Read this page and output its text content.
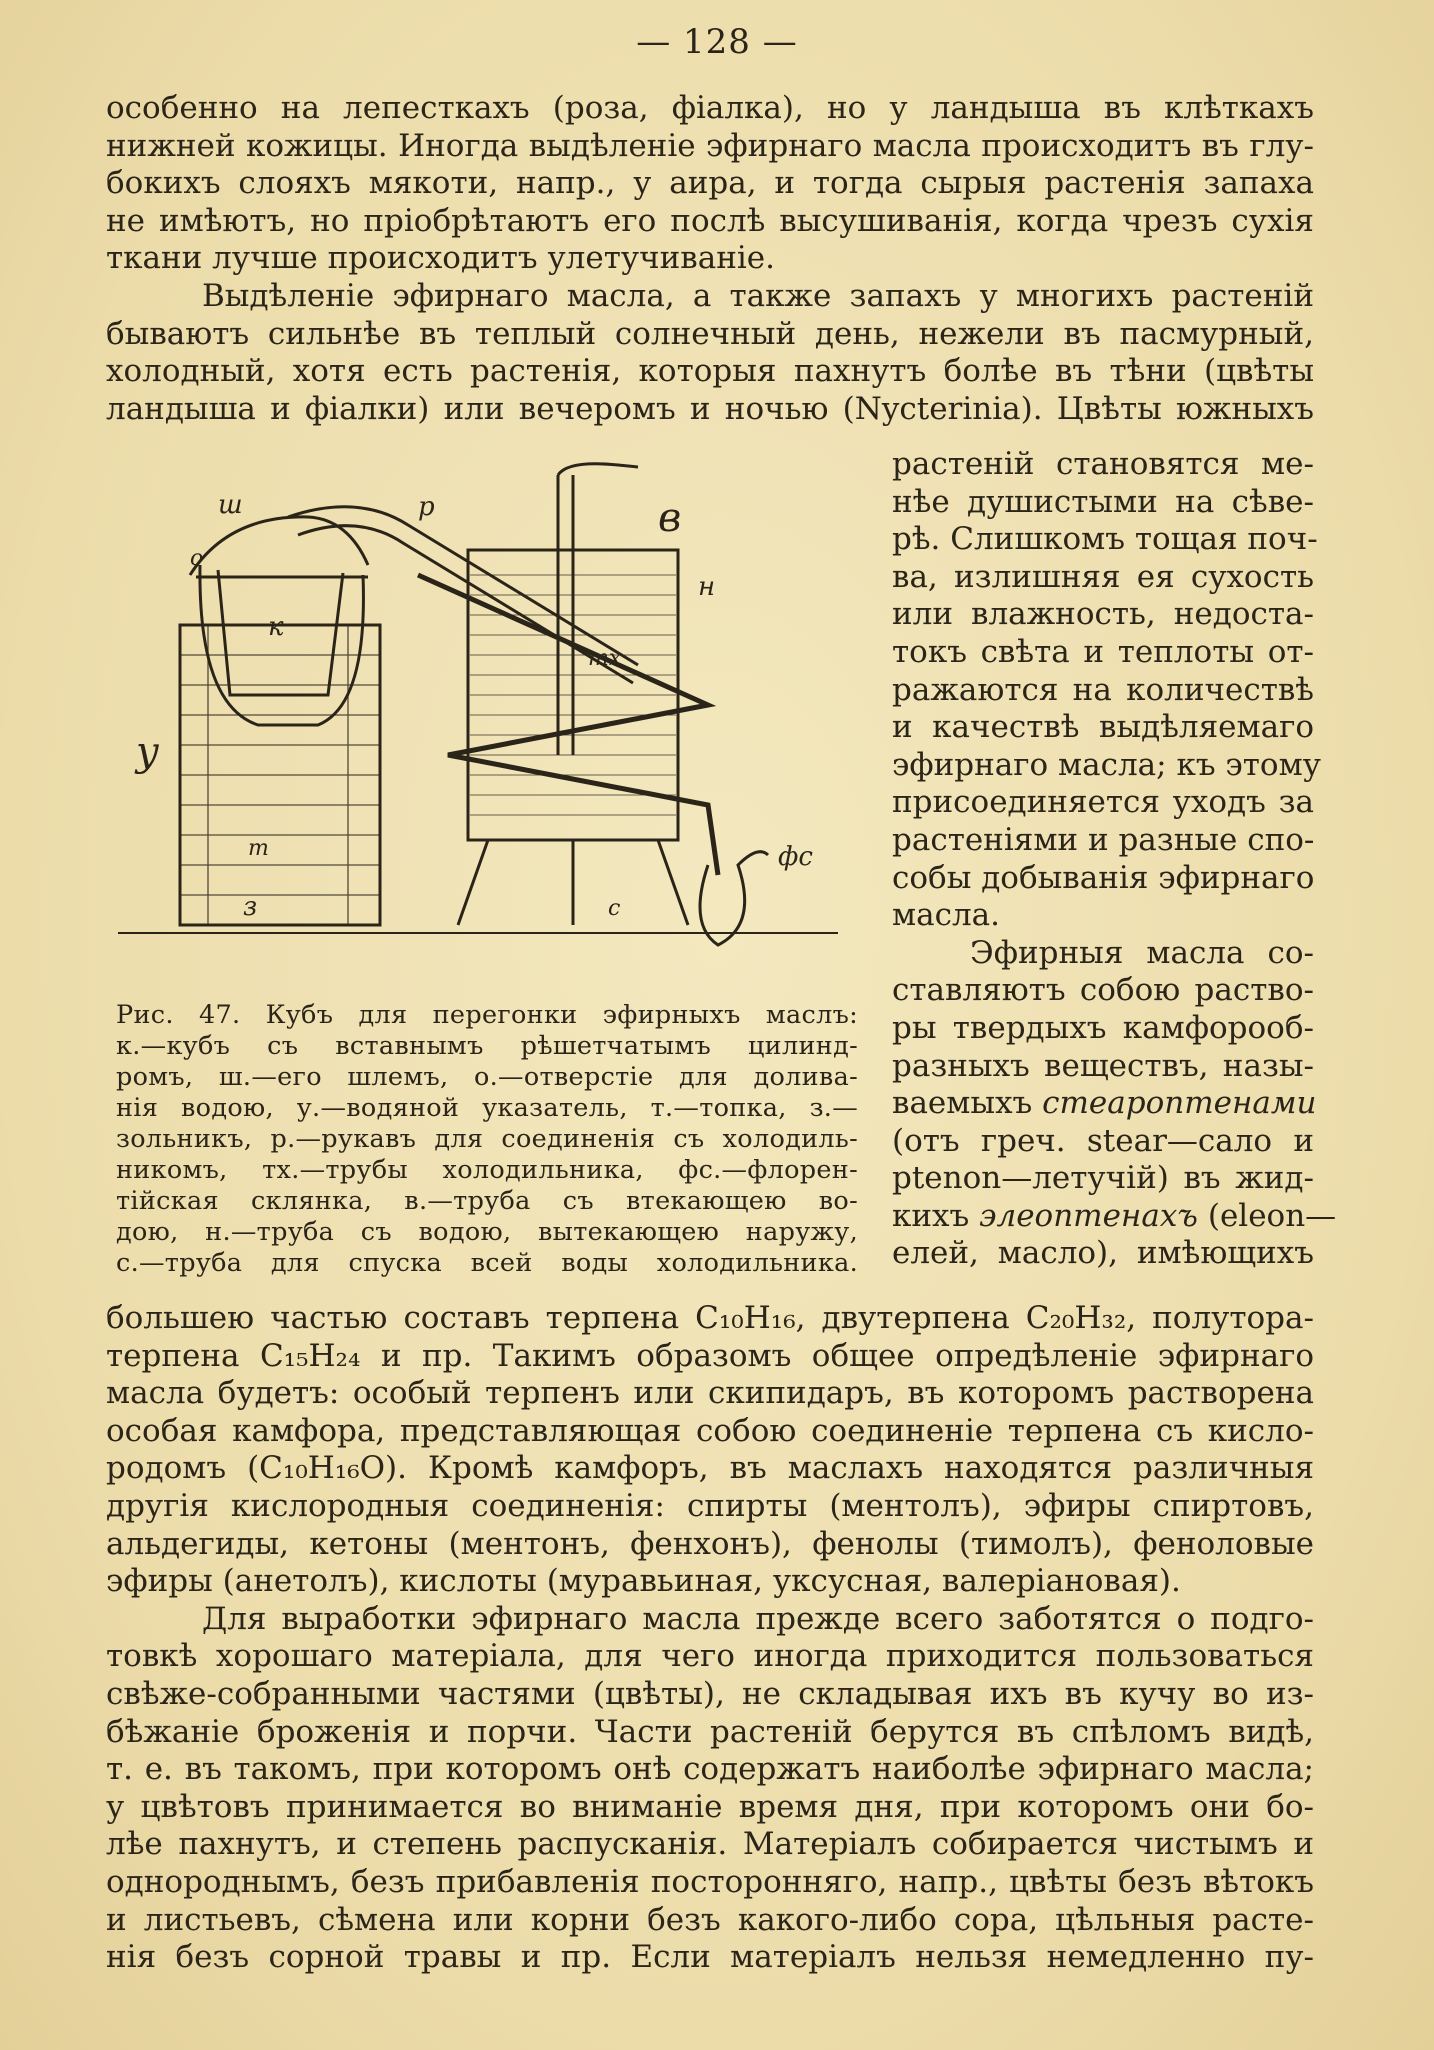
— 128 —
особенно на лепесткахъ (роза, фіалка), но у ландыша въ клѣткахъ
нижней кожицы. Иногда выдѣленіе эфирнаго масла происходитъ въ глу-
бокихъ слояхъ мякоти, напр., у аира, и тогда сырыя растенія запаха
не имѣютъ, но пріобрѣтаютъ его послѣ высушиванія, когда чрезъ сухія
ткани лучше происходитъ улетучиваніе.
Выдѣленіе эфирнаго масла, а также запахъ у многихъ растеній
бываютъ сильнѣе въ теплый солнечный день, нежели въ пасмурный,
холодный, хотя есть растенія, которыя пахнутъ болѣе въ тѣни (цвѣты
ландыша и фіалки) или вечеромъ и ночью (Nyсterinia). Цвѣты южныхъ
растеній становятся ме-
нѣе душистыми на сѣве-
рѣ. Слишкомъ тощая поч-
ва, излишняя ея сухость
или влажность, недоста-
токъ свѣта и теплоты от-
ражаются на количествѣ
и качествѣ выдѣляемаго
эфирнаго масла; къ этому
присоединяется уходъ за
растеніями и разные спо-
собы добыванія эфирнаго
масла.
Эфирныя масла со-
ставляютъ собою раство-
ры твердыхъ камфорооб-
разныхъ веществъ, назы-
ваемыхъ стеароптенами
(отъ греч. stear—сало и
ptenon—летучій) въ жид-
кихъ элеоптенахъ (eleon—
елей, масло), имѣющихъ
ш	р	в
н
о
к
тх
у
т
з
фс
с
Рис. 47. Кубъ для перегонки эфирныхъ маслъ:
к.—кубъ съ вставнымъ рѣшетчатымъ цилинд-
ромъ, ш.—его шлемъ, о.—отверстіе для долива-
нія водою, у.—водяной указатель, т.—топка, з.—
зольникъ, р.—рукавъ для соединенія съ холодиль-
никомъ, тх.—трубы холодильника, фс.—флорен-
тійская склянка, в.—труба съ втекающею во-
дою, н.—труба съ водою, вытекающею наружу,
с.—труба для спуска всей воды холодильника.
большею частью составъ терпена C₁₀H₁₆, двутерпена C₂₀H₃₂, полутора-
терпена C₁₅H₂₄ и пр. Такимъ образомъ общее опредѣленіе эфирнаго
масла будетъ: особый терпенъ или скипидаръ, въ которомъ растворена
особая камфора, представляющая собою соединеніе терпена съ кисло-
родомъ (C₁₀H₁₆O). Кромѣ камфоръ, въ маслахъ находятся различныя
другія кислородныя соединенія: спирты (ментолъ), эфиры спиртовъ,
альдегиды, кетоны (ментонъ, фенхонъ), фенолы (тимолъ), феноловые
эфиры (анетолъ), кислоты (муравьиная, уксусная, валеріановая).
Для выработки эфирнаго масла прежде всего заботятся о подго-
товкѣ хорошаго матеріала, для чего иногда приходится пользоваться
свѣже-собранными частями (цвѣты), не складывая ихъ въ кучу во из-
бѣжаніе броженія и порчи. Части растеній берутся въ спѣломъ видѣ,
т. е. въ такомъ, при которомъ онѣ содержатъ наиболѣе эфирнаго масла;
у цвѣтовъ принимается во вниманіе время дня, при которомъ они бо-
лѣе пахнутъ, и степень распусканія. Матеріалъ собирается чистымъ и
однороднымъ, безъ прибавленія посторонняго, напр., цвѣты безъ вѣтокъ
и листьевъ, сѣмена или корни безъ какого-либо сора, цѣльныя расте-
нія безъ сорной травы и пр. Если матеріалъ нельзя немедленно пу-
